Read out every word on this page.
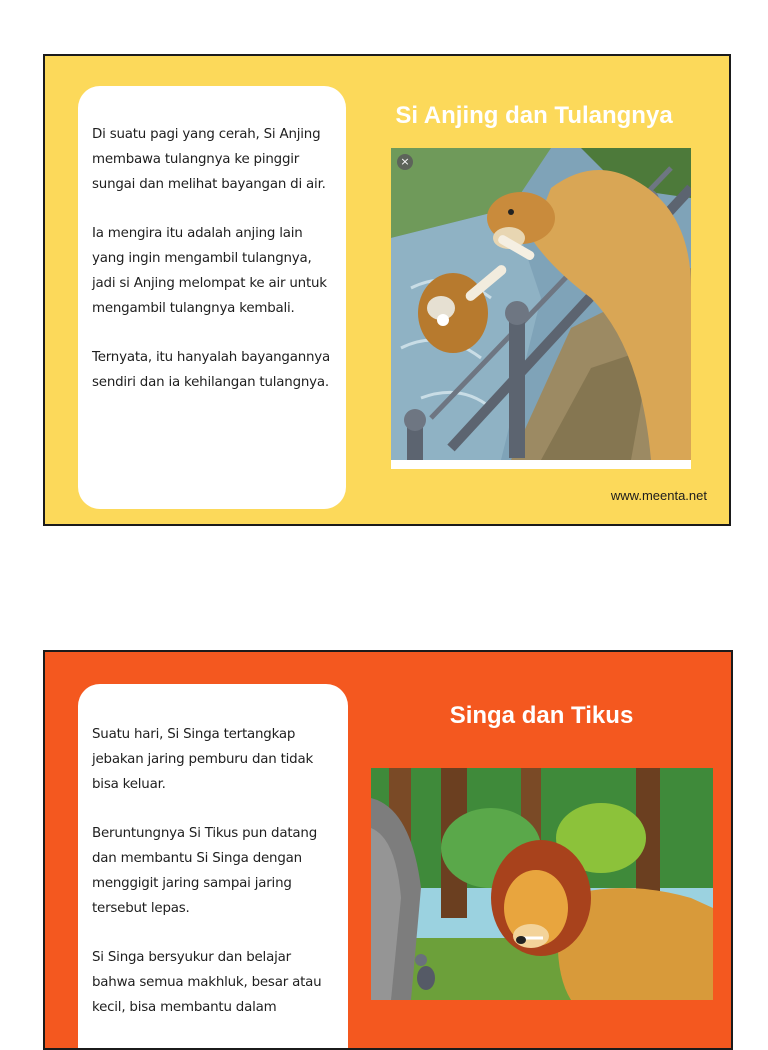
Di suatu pagi yang cerah, Si Anjing membawa tulangnya ke pinggir sungai dan melihat bayangan di air.

Ia mengira itu adalah anjing lain yang ingin mengambil tulangnya, jadi si Anjing melompat ke air untuk mengambil tulangnya kembali.

Ternyata, itu hanyalah bayangannya sendiri dan ia kehilangan tulangnya.

Si Anjing dan Tulangnya
×
www.meenta.net

Suatu hari, Si Singa tertangkap jebakan jaring pemburu dan tidak bisa keluar.

Beruntungnya Si Tikus pun datang dan membantu Si Singa dengan menggigit jaring sampai jaring tersebut lepas.

Si Singa bersyukur dan belajar bahwa semua makhluk, besar atau kecil, bisa membantu dalam

Singa dan Tikus
